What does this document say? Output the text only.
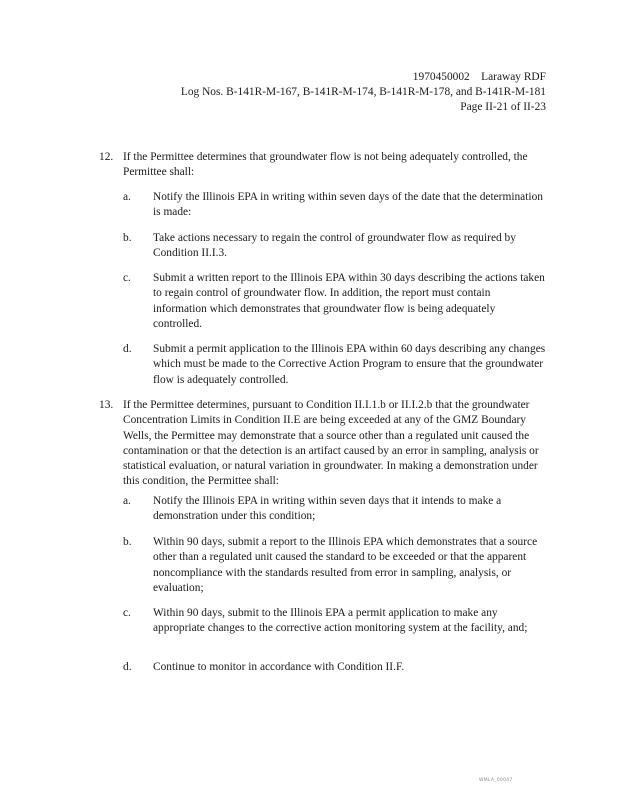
1970450002    Laraway RDF
Log Nos. B-141R-M-167, B-141R-M-174, B-141R-M-178, and B-141R-M-181
Page II-21 of II-23
12. If the Permittee determines that groundwater flow is not being adequately controlled, the Permittee shall:
a.	Notify the Illinois EPA in writing within seven days of the date that the determination is made:
b.	Take actions necessary to regain the control of groundwater flow as required by Condition II.I.3.
c.	Submit a written report to the Illinois EPA within 30 days describing the actions taken to regain control of groundwater flow. In addition, the report must contain information which demonstrates that groundwater flow is being adequately controlled.
d.	Submit a permit application to the Illinois EPA within 60 days describing any changes which must be made to the Corrective Action Program to ensure that the groundwater flow is adequately controlled.
13. If the Permittee determines, pursuant to Condition II.I.1.b or II.I.2.b that the groundwater Concentration Limits in Condition II.E are being exceeded at any of the GMZ Boundary Wells, the Permittee may demonstrate that a source other than a regulated unit caused the contamination or that the detection is an artifact caused by an error in sampling, analysis or statistical evaluation, or natural variation in groundwater. In making a demonstration under this condition, the Permittee shall:
a.	Notify the Illinois EPA in writing within seven days that it intends to make a demonstration under this condition;
b.	Within 90 days, submit a report to the Illinois EPA which demonstrates that a source other than a regulated unit caused the standard to be exceeded or that the apparent noncompliance with the standards resulted from error in sampling, analysis, or evaluation;
c.	Within 90 days, submit to the Illinois EPA a permit application to make any appropriate changes to the corrective action monitoring system at the facility, and;
d.	Continue to monitor in accordance with Condition II.F.
WMLA_00047
